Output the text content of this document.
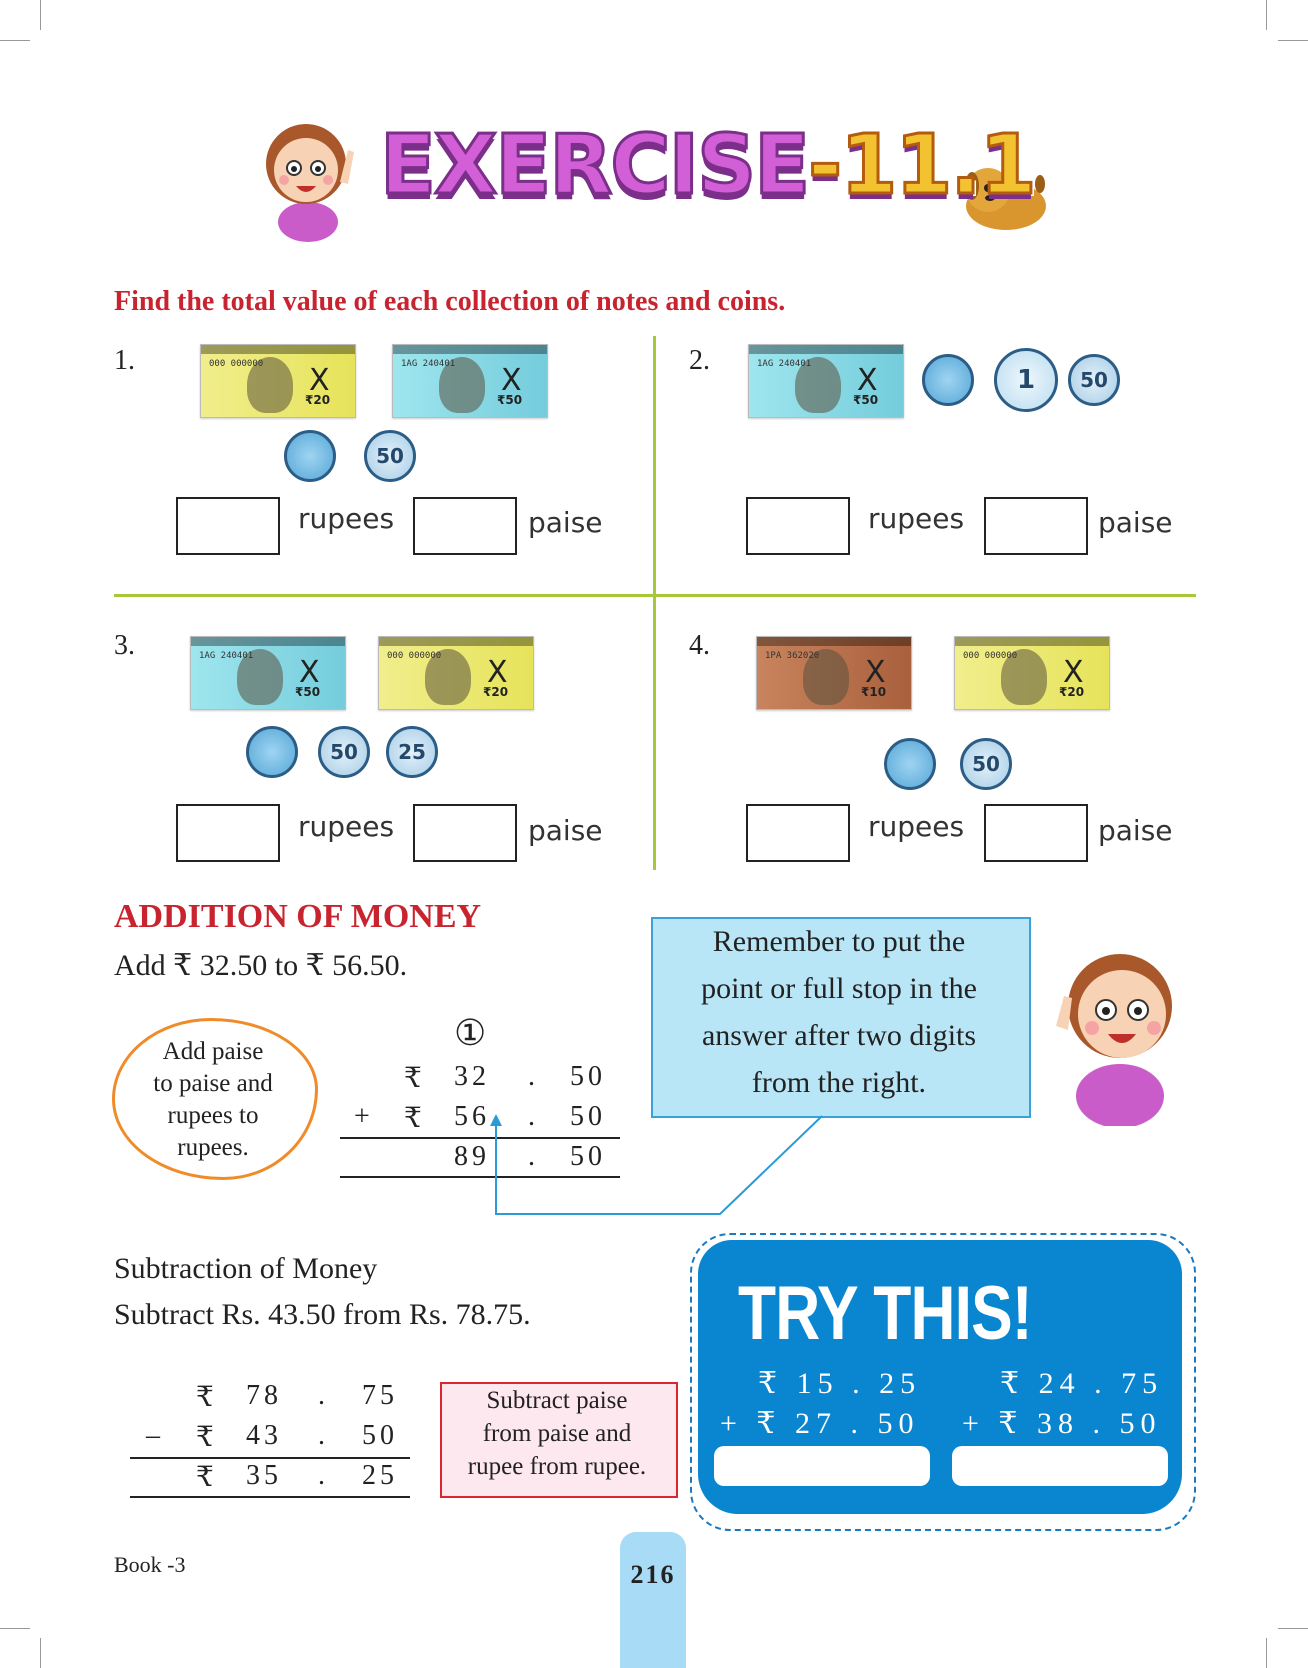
EXERCISE-11.1
Find the total value of each collection of notes and coins.
1.
X
000 000000
₹20
X
1AG 240401
₹50
50
rupees	paise
2.
X
1AG 240401
₹50
1	50
rupees	paise
3.
X
1AG 240401
₹50
X
000 000000
₹20
50	25
rupees	paise
4.
X
1PA 362020
₹10
X
000 000000
₹20
50
rupees	paise
ADDITION OF MONEY
Add ₹ 32.50 to ₹ 56.50.
Add paise
to paise and
rupees to
rupees.
①
₹ 32 . 50
+ ₹ 56 . 50
89 . 50
Remember to put the
point or full stop in the
answer after two digits
from the right.
Subtraction of Money
Subtract Rs. 43.50 from Rs. 78.75.
₹ 78 . 75
– ₹ 43 . 50
₹ 35 . 25
Subtract paise
from paise and
rupee from rupee.
TRY THIS!
₹ 15 . 25
+ ₹ 27 . 50
₹ 24 . 75
+ ₹ 38 . 50
Book -3	216
